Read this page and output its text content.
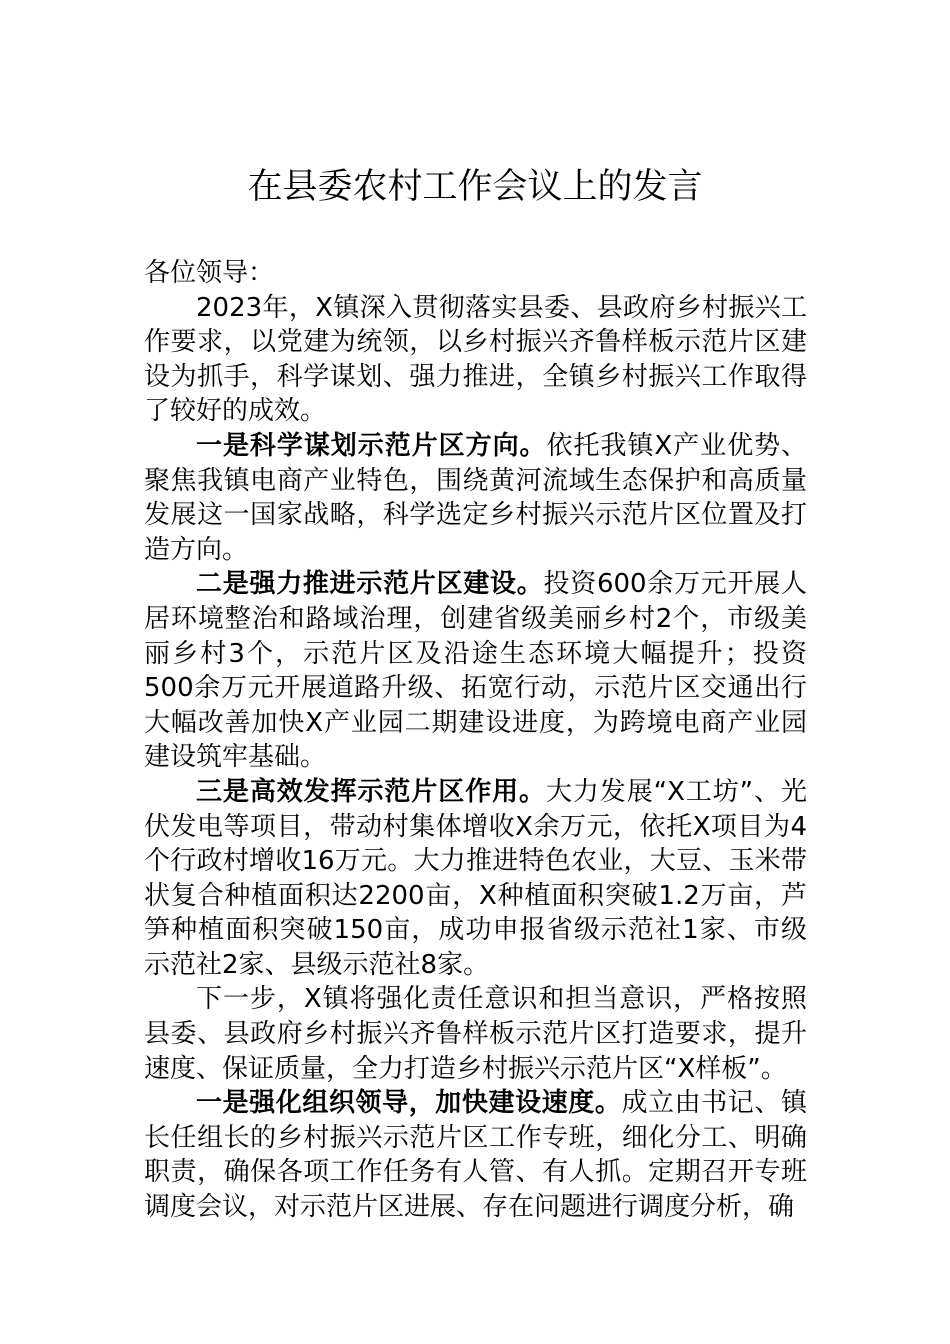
在县委农村工作会议上的发言

各位领导：

2023年，X镇深入贯彻落实县委、县政府乡村振兴工作要求，以党建为统领，以乡村振兴齐鲁样板示范片区建设为抓手，科学谋划、强力推进，全镇乡村振兴工作取得了较好的成效。

一是科学谋划示范片区方向。依托我镇X产业优势、聚焦我镇电商产业特色，围绕黄河流域生态保护和高质量发展这一国家战略，科学选定乡村振兴示范片区位置及打造方向。

二是强力推进示范片区建设。投资600余万元开展人居环境整治和路域治理，创建省级美丽乡村2个，市级美丽乡村3个，示范片区及沿途生态环境大幅提升；投资500余万元开展道路升级、拓宽行动，示范片区交通出行大幅改善加快X产业园二期建设进度，为跨境电商产业园建设筑牢基础。

三是高效发挥示范片区作用。大力发展“X工坊”、光伏发电等项目，带动村集体增收X余万元，依托X项目为4个行政村增收16万元。大力推进特色农业，大豆、玉米带状复合种植面积达2200亩，X种植面积突破1.2万亩，芦笋种植面积突破150亩，成功申报省级示范社1家、市级示范社2家、县级示范社8家。

下一步，X镇将强化责任意识和担当意识，严格按照县委、县政府乡村振兴齐鲁样板示范片区打造要求，提升速度、保证质量，全力打造乡村振兴示范片区“X样板”。

一是强化组织领导，加快建设速度。成立由书记、镇长任组长的乡村振兴示范片区工作专班，细化分工、明确职责，确保各项工作任务有人管、有人抓。定期召开专班调度会议，对示范片区进展、存在问题进行调度分析，确
